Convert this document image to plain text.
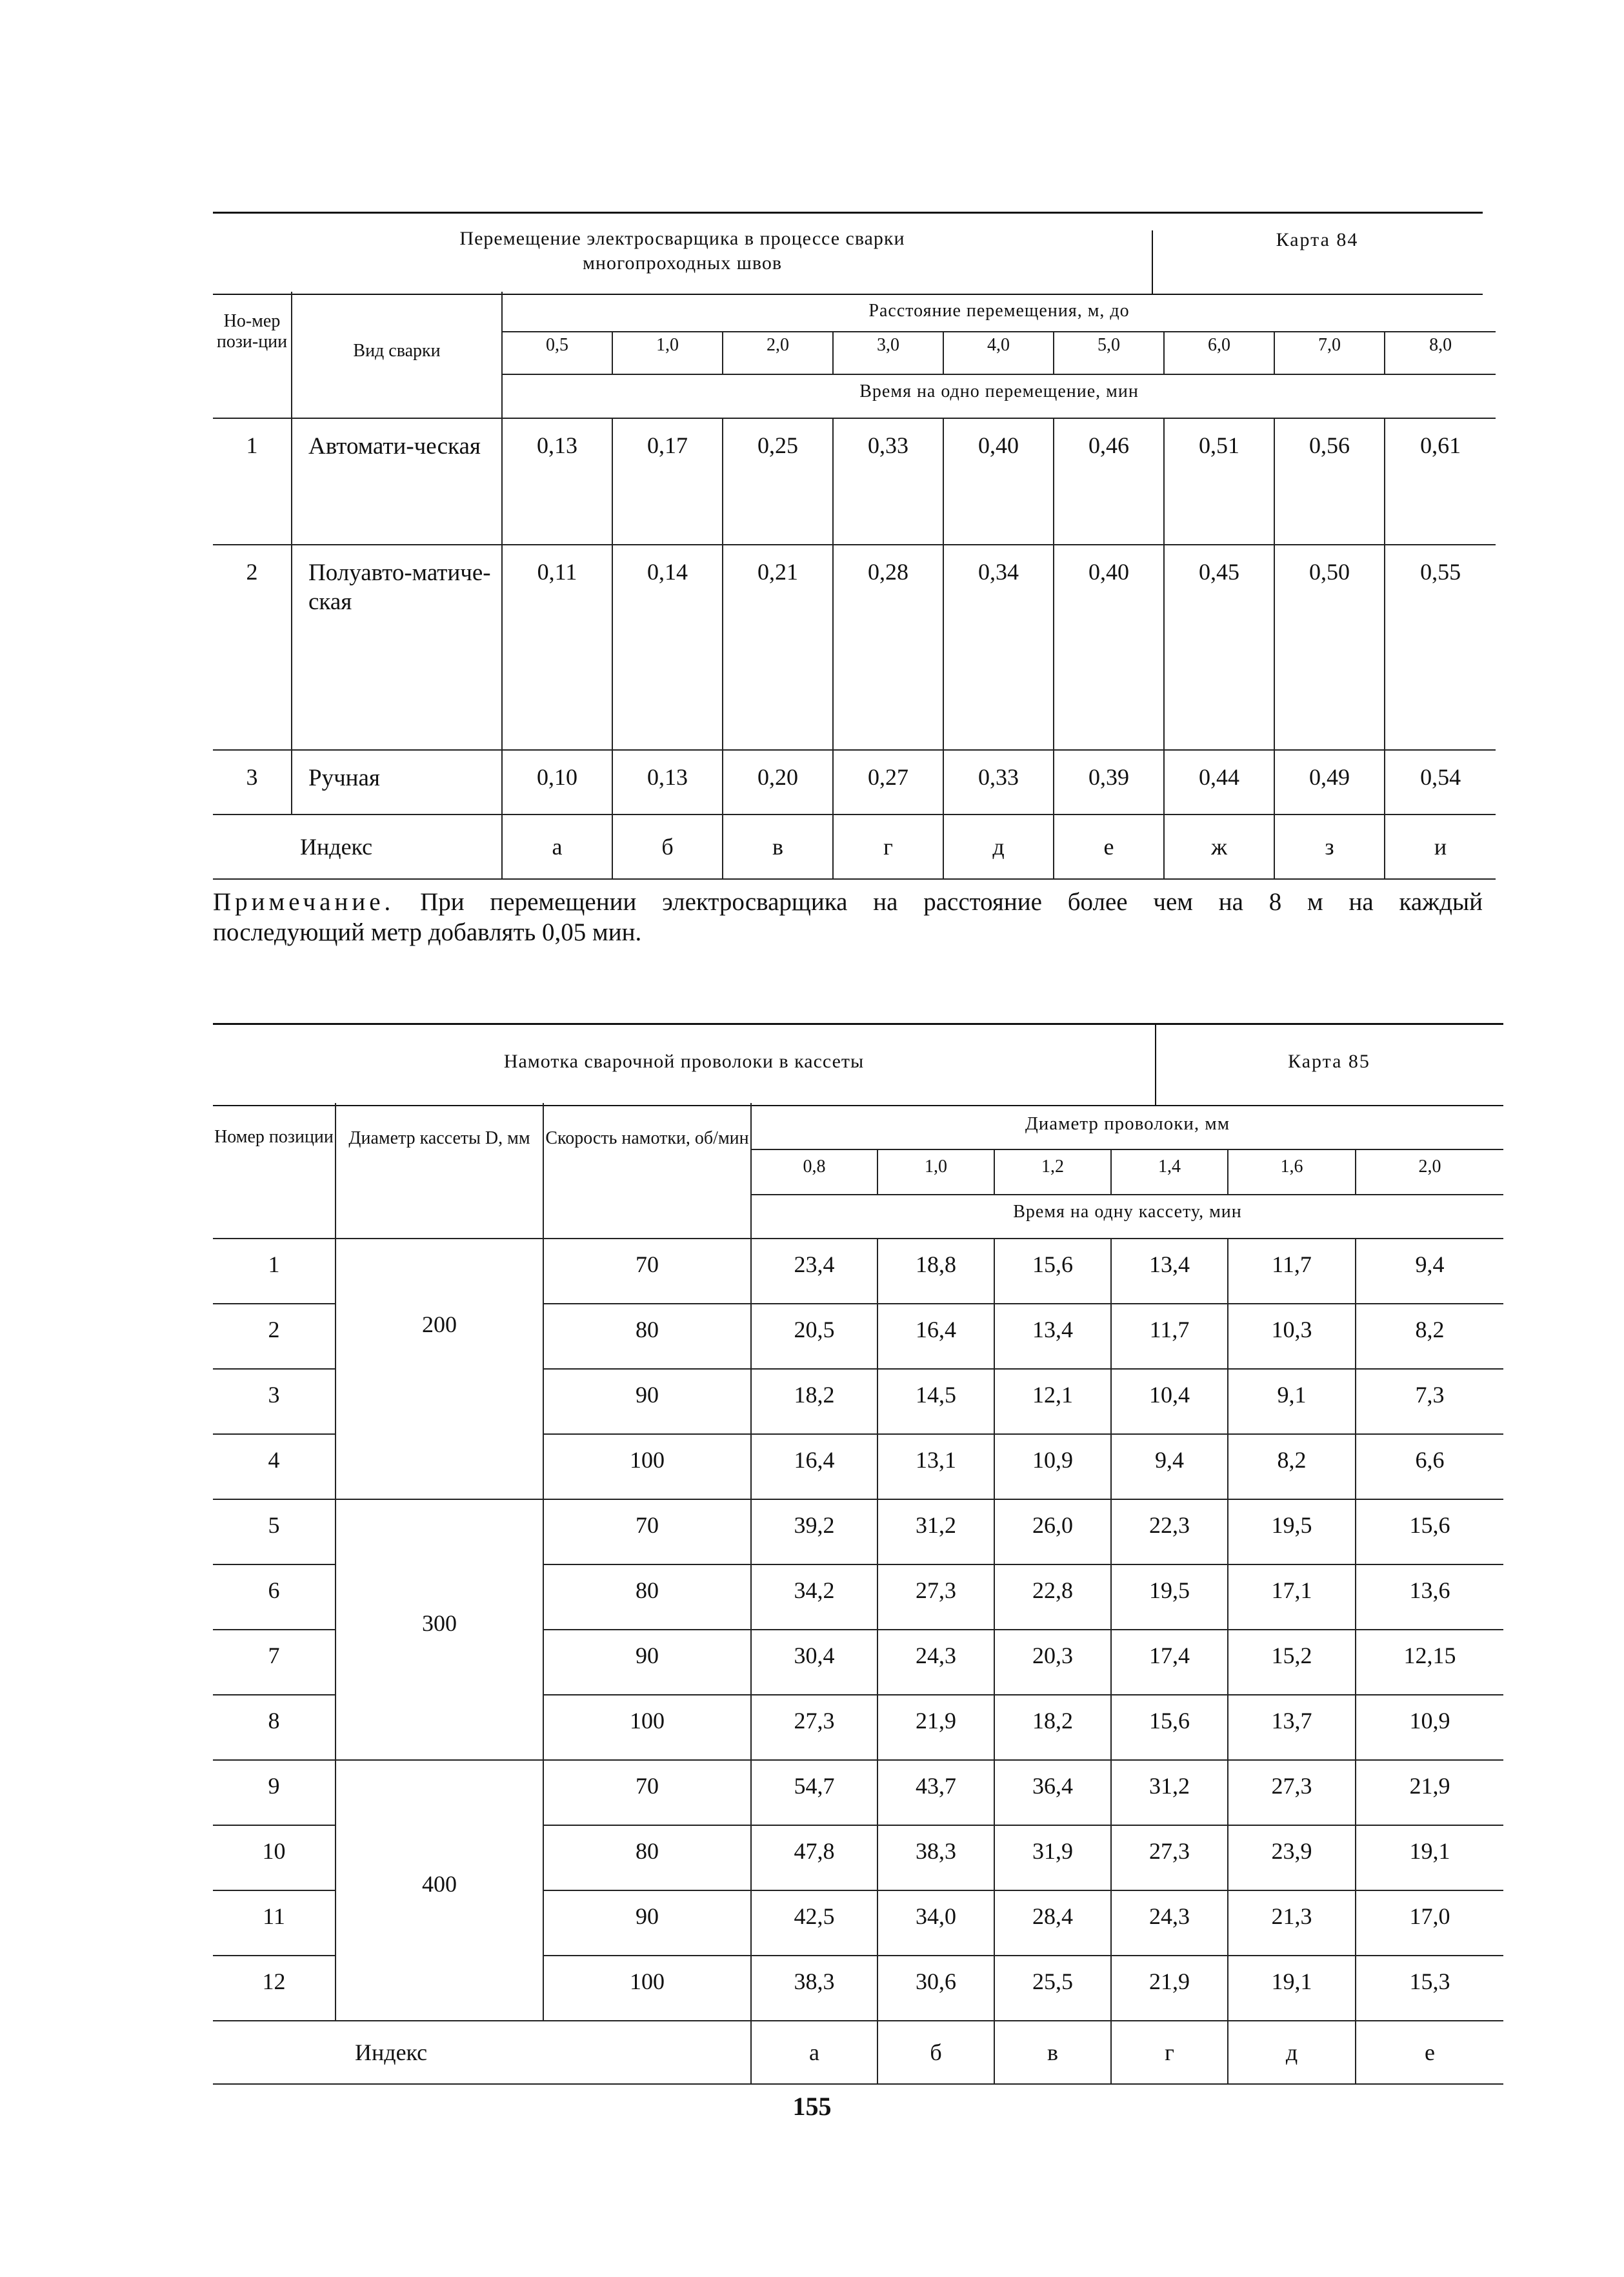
Перемещение электросварщика в процессе сварки
многопроходных швов
Карта 84
Но-мер пози-ции	Вид сварки	Расстояние перемещения, м, до								
		0,5	1,0	2,0	3,0	4,0	5,0	6,0	7,0	8,0
		Время на одно перемещение, мин								
1	Автомати-ческая	0,13	0,17	0,25	0,33	0,40	0,46	0,51	0,56	0,61
2	Полуавто-матиче-ская	0,11	0,14	0,21	0,28	0,34	0,40	0,45	0,50	0,55
3	Ручная	0,10	0,13	0,20	0,27	0,33	0,39	0,44	0,49	0,54
Индекс		а	б	в	г	д	е	ж	з	и
Примечание. При перемещении электросварщика на расстояние более чем на 8 м на каждый
последующий метр добавлять 0,05 мин.
Намотка сварочной проволоки в кассеты	Карта 85
Номер позиции	Диаметр кассеты D, мм	Скорость намотки, об/мин	Диаметр проволоки, мм					
			0,8	1,0	1,2	1,4	1,6	2,0
			Время на одну кассету, мин					
1	200	70	23,4	18,8	15,6	13,4	11,7	9,4
2		80	20,5	16,4	13,4	11,7	10,3	8,2
3		90	18,2	14,5	12,1	10,4	9,1	7,3
4		100	16,4	13,1	10,9	9,4	8,2	6,6
5	300	70	39,2	31,2	26,0	22,3	19,5	15,6
6		80	34,2	27,3	22,8	19,5	17,1	13,6
7		90	30,4	24,3	20,3	17,4	15,2	12,15
8		100	27,3	21,9	18,2	15,6	13,7	10,9
9	400	70	54,7	43,7	36,4	31,2	27,3	21,9
10		80	47,8	38,3	31,9	27,3	23,9	19,1
11		90	42,5	34,0	28,4	24,3	21,3	17,0
12		100	38,3	30,6	25,5	21,9	19,1	15,3
Индекс			а	б	в	г	д	е
155
